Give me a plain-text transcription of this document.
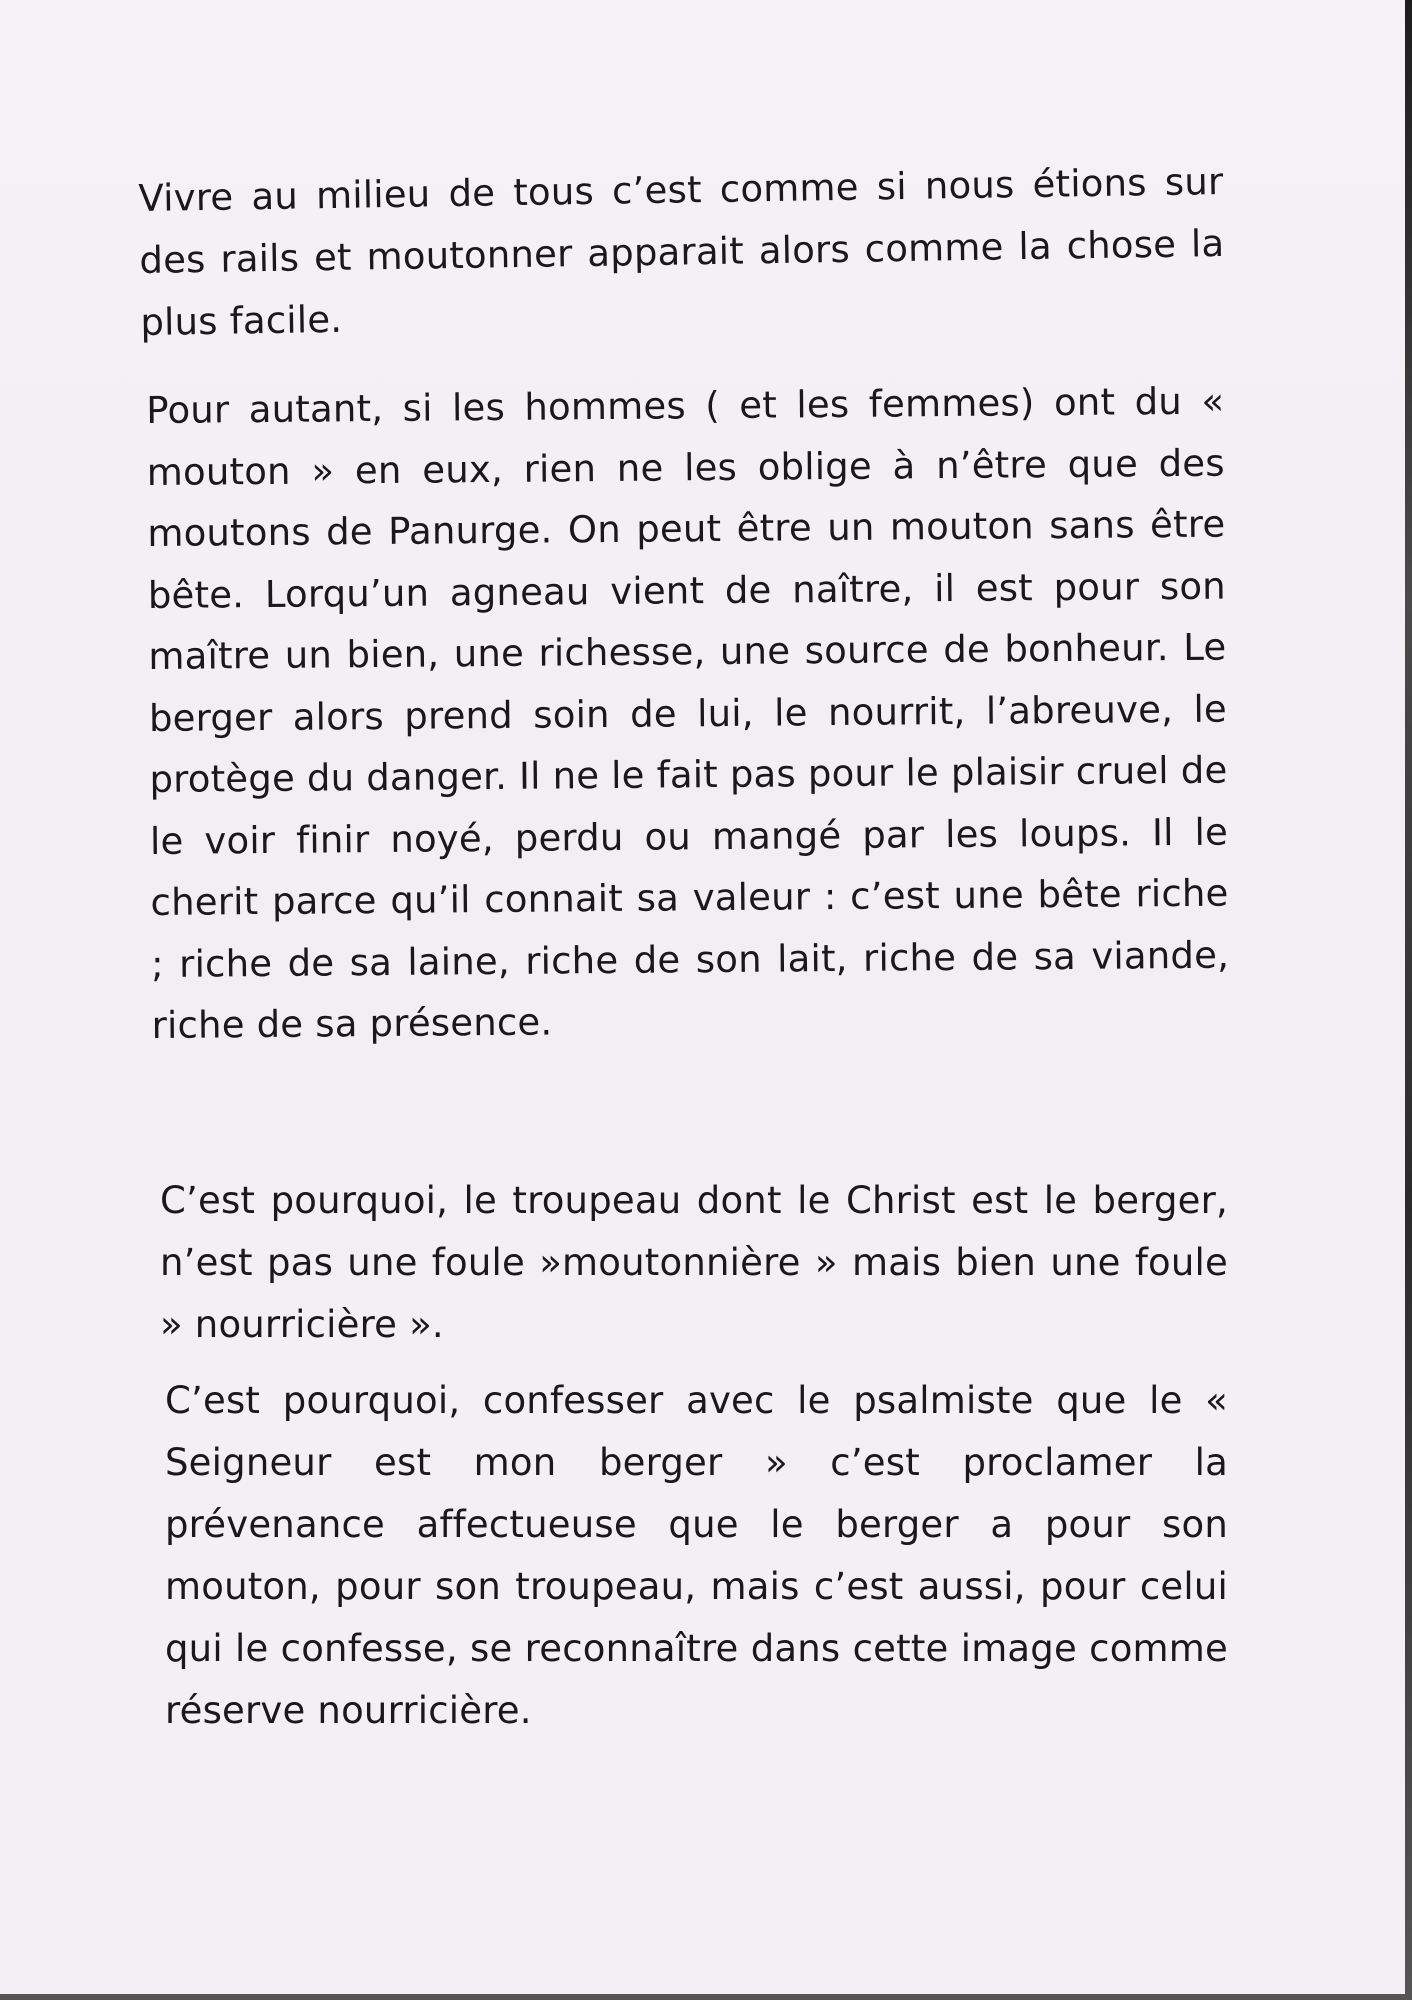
Vivre au milieu de tous c’est comme si nous étions sur des rails et moutonner apparait alors comme la chose la plus facile.

Pour autant, si les hommes ( et les femmes) ont du « mouton » en eux, rien ne les oblige à n’être que des moutons de Panurge. On peut être un mouton sans être bête. Lorqu’un agneau vient de naître, il est pour son maître un bien, une richesse, une source de bonheur. Le berger alors prend soin de lui, le nourrit, l’abreuve, le protège du danger. Il ne le fait pas pour le plaisir cruel de le voir finir noyé, perdu ou mangé par les loups. Il le cherit parce qu’il connait sa valeur : c’est une bête riche ; riche de sa laine, riche de son lait, riche de sa viande, riche de sa présence.

C’est pourquoi, le troupeau dont le Christ est le berger, n’est pas une foule »moutonnière » mais bien une foule » nourricière ».

C’est pourquoi, confesser avec le psalmiste que le « Seigneur est mon berger » c’est proclamer la prévenance affectueuse que le berger a pour son mouton, pour son troupeau, mais c’est aussi, pour celui qui le confesse, se reconnaître dans cette image comme réserve nourricière.
